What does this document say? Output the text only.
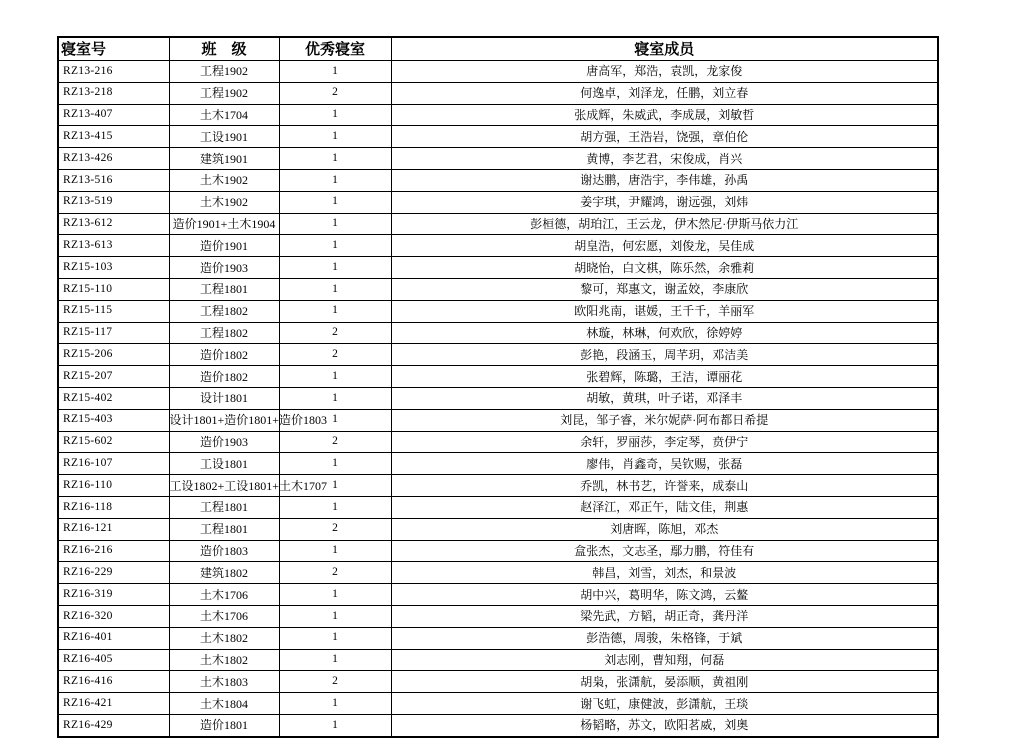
寝室号	班　级	优秀寝室	寝室成员
RZ13-216	工程1902	1	唐高军，郑浩，袁凯，龙家俊
RZ13-218	工程1902	2	何逸卓，刘泽龙，任鹏，刘立春
RZ13-407	土木1704	1	张成辉，朱威武，李成晟，刘敏哲
RZ13-415	工设1901	1	胡方强，王浩岩，饶强，章伯伦
RZ13-426	建筑1901	1	黄博，李艺君，宋俊成，肖兴
RZ13-516	土木1902	1	谢达鹏，唐浩宇，李伟雄，孙禹
RZ13-519	土木1902	1	姜宇琪，尹耀鸿，谢远强，刘炜
RZ13-612	造价1901+土木1904	1	彭桓德，胡珀江，王云龙，伊木然尼·伊斯马依力江
RZ13-613	造价1901	1	胡皇浩，何宏愿，刘俊龙，吴佳成
RZ15-103	造价1903	1	胡晓怡，白文棋，陈乐然，余雅莉
RZ15-110	工程1801	1	黎可，郑惠文，谢孟姣，李康欣
RZ15-115	工程1802	1	欧阳兆南，谌媛，王千千，羊丽军
RZ15-117	工程1802	2	林璇，林琳，何欢欣，徐婷婷
RZ15-206	造价1802	2	彭艳，段涵玉，周芊玥，邓洁美
RZ15-207	造价1802	1	张碧辉，陈璐，王洁，谭丽花
RZ15-402	设计1801	1	胡敏，黄琪，叶子诺，邓泽丰
RZ15-403	设计1801+造价1801+造价1803	1	刘昆，邹子睿，米尔妮萨·阿布都日希提
RZ15-602	造价1903	2	余轩，罗丽莎，李定琴，贲伊宁
RZ16-107	工设1801	1	廖伟，肖鑫奇，吴钦赐，张磊
RZ16-110	工设1802+工设1801+土木1707	1	乔凯，林书艺，许誉来，成泰山
RZ16-118	工程1801	1	赵泽江，邓正午，陆文佳，荆惠
RZ16-121	工程1801	2	刘唐晖，陈旭，邓杰
RZ16-216	造价1803	1	盒张杰，文志圣，鄢力鹏，符佳有
RZ16-229	建筑1802	2	韩昌，刘雪，刘杰，和景波
RZ16-319	土木1706	1	胡中兴，葛明华，陈文鸿，云鳌
RZ16-320	土木1706	1	梁先武，方韬，胡正奇，龚丹洋
RZ16-401	土木1802	1	彭浩德，周骏，朱格锋，于斌
RZ16-405	土木1802	1	刘志刚，曹知翔，何磊
RZ16-416	土木1803	2	胡枭，张潇航，晏添顺，黄祖刚
RZ16-421	土木1804	1	谢飞虹，康健波，彭潇航，王琰
RZ16-429	造价1801	1	杨韬略，苏文，欧阳茗威，刘奥
